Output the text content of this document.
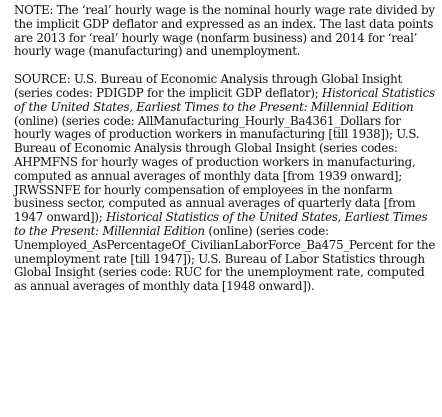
NOTE: The ‘real’ hourly wage is the nominal hourly wage rate divided by the implicit GDP deflator and expressed as an index. The last data points are 2013 for ‘real’ hourly wage (nonfarm business) and 2014 for ‘real’ hourly wage (manufacturing) and unemployment.

SOURCE: U.S. Bureau of Economic Analysis through Global Insight (series codes: PDIGDP for the implicit GDP deflator); Historical Statistics of the United States, Earliest Times to the Present: Millennial Edition (online) (series code: AllManufacturing_Hourly_Ba4361_Dollars for hourly wages of production workers in manufacturing [till 1938]); U.S. Bureau of Economic Analysis through Global Insight (series codes: AHPMFNS for hourly wages of production workers in manufacturing, computed as annual averages of monthly data [from 1939 onward]; JRWSSNFE for hourly compensation of employees in the nonfarm business sector, computed as annual averages of quarterly data [from 1947 onward]); Historical Statistics of the United States, Earliest Times to the Present: Millennial Edition (online) (series code: Unemployed_AsPercentageOf_CivilianLaborForce_Ba475_Percent for the unemployment rate [till 1947]); U.S. Bureau of Labor Statistics through Global Insight (series code: RUC for the unemployment rate, computed as annual averages of monthly data [1948 onward]).
